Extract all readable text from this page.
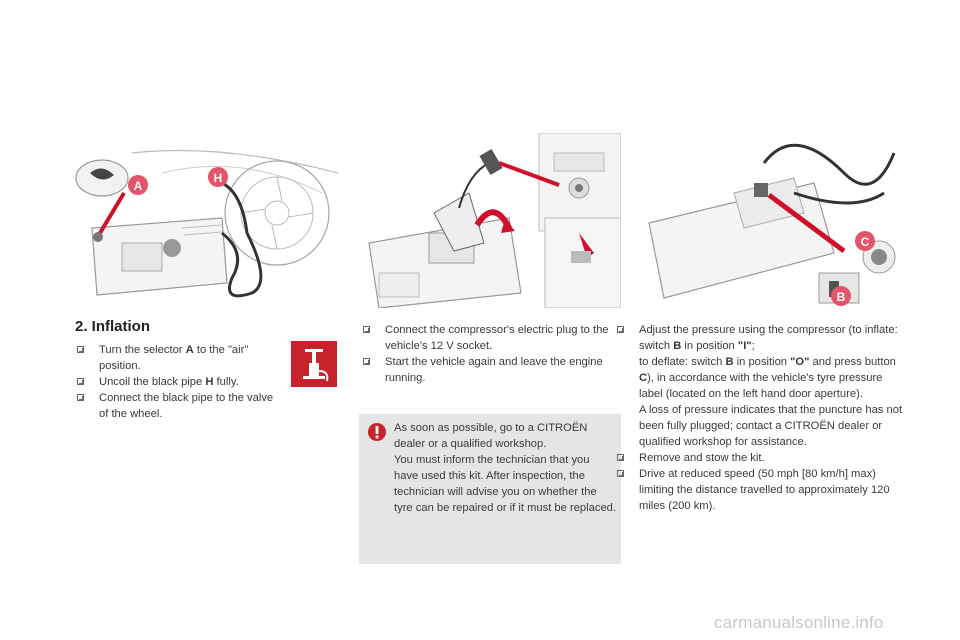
A
H
C
B
2. Inflation
Turn the selector A to the "air" position.
Uncoil the black pipe H fully.
Connect the black pipe to the valve of the wheel.
Connect the compressor's electric plug to the vehicle's 12 V socket.
Start the vehicle again and leave the engine running.

As soon as possible, go to a CITROËN dealer or a qualified workshop.
You must inform the technician that you have used this kit. After inspection, the technician will advise you on whether the tyre can be repaired or if it must be replaced.

Adjust the pressure using the compressor (to inflate: switch B in position "I";
to deflate: switch B in position "O" and press button C), in accordance with the vehicle's tyre pressure label (located on the left hand door aperture).
A loss of pressure indicates that the puncture has not been fully plugged; contact a CITROËN dealer or qualified workshop for assistance.
Remove and stow the kit.
Drive at reduced speed (50 mph [80 km/h] max) limiting the distance travelled to approximately 120 miles (200 km).
carmanualsonline.info
